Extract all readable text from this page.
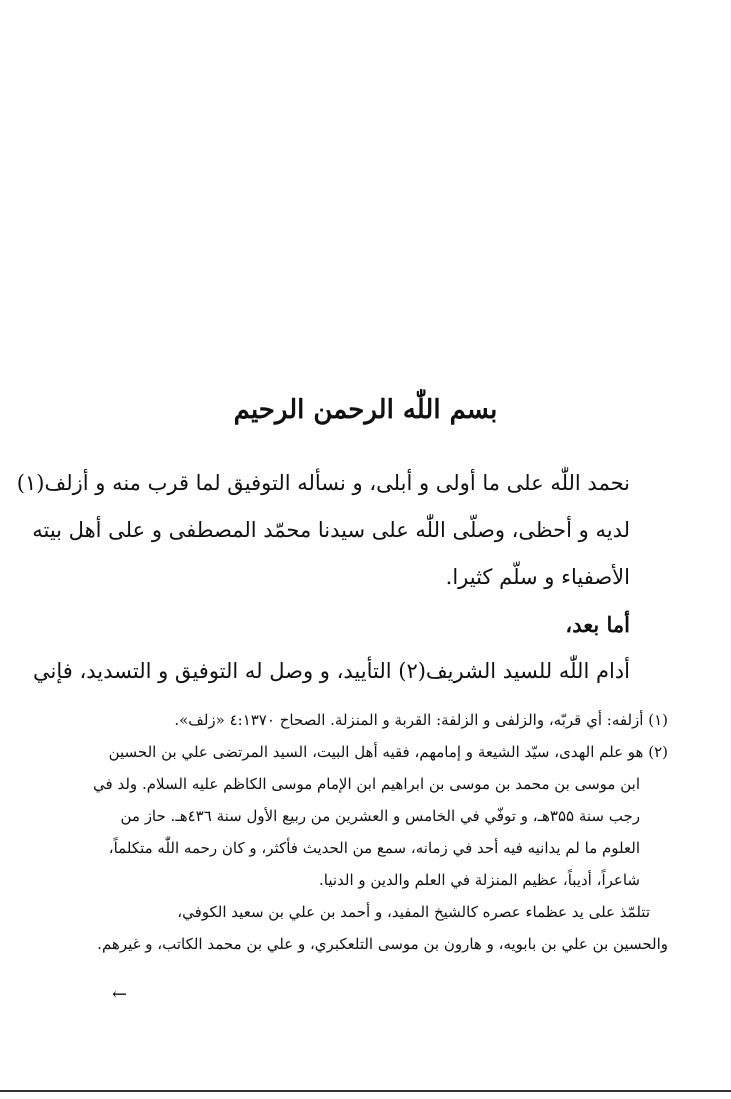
بسم اللّٰه الرحمن الرحيم
نحمد اللّٰه على ما أولى و أبلى، و نسأله التوفيق لما قرب منه و أزلف(۱)
لديه و أحظى، وصلّى اللّٰه على سيدنا محمّد المصطفى و على أهل بيته
الأصفياء و سلّم كثيرا.
أما بعد،
أدام اللّٰه للسيد الشريف(۲) التأييد، و وصل له التوفيق و التسديد، فإني
(۱) أزلفه: أي قربّه، والزلفى و الزلفة: القربة و المنزلة. الصحاح ٤:۱۳۷۰ «زلف».
(۲) هو علم الهدى، سيّد الشيعة و إمامهم، فقيه أهل البيت، السيد المرتضى علي بن الحسين
ابن موسى بن محمد بن موسى بن ابراهيم ابن الإمام موسى الكاظم عليه السلام. ولد في
رجب سنة ۳۵۵هـ، و توفّي في الخامس و العشرين من ربيع الأول سنة ٤۳٦هـ. حاز من
العلوم ما لم يدانيه فيه أحد في زمانه، سمع من الحديث فأكثر، و كان رحمه اللّٰه متكلماً،
شاعراً، أديباً، عظيم المنزلة في العلم والدين و الدنيا.
تتلمّذ على يد عظماء عصره كالشيخ المفيد، و أحمد بن علي بن سعيد الكوفي،
والحسين بن علي بن بابويه، و هارون بن موسى التلعكبري، و علي بن محمد الكاتب، و غيرهم.
←
